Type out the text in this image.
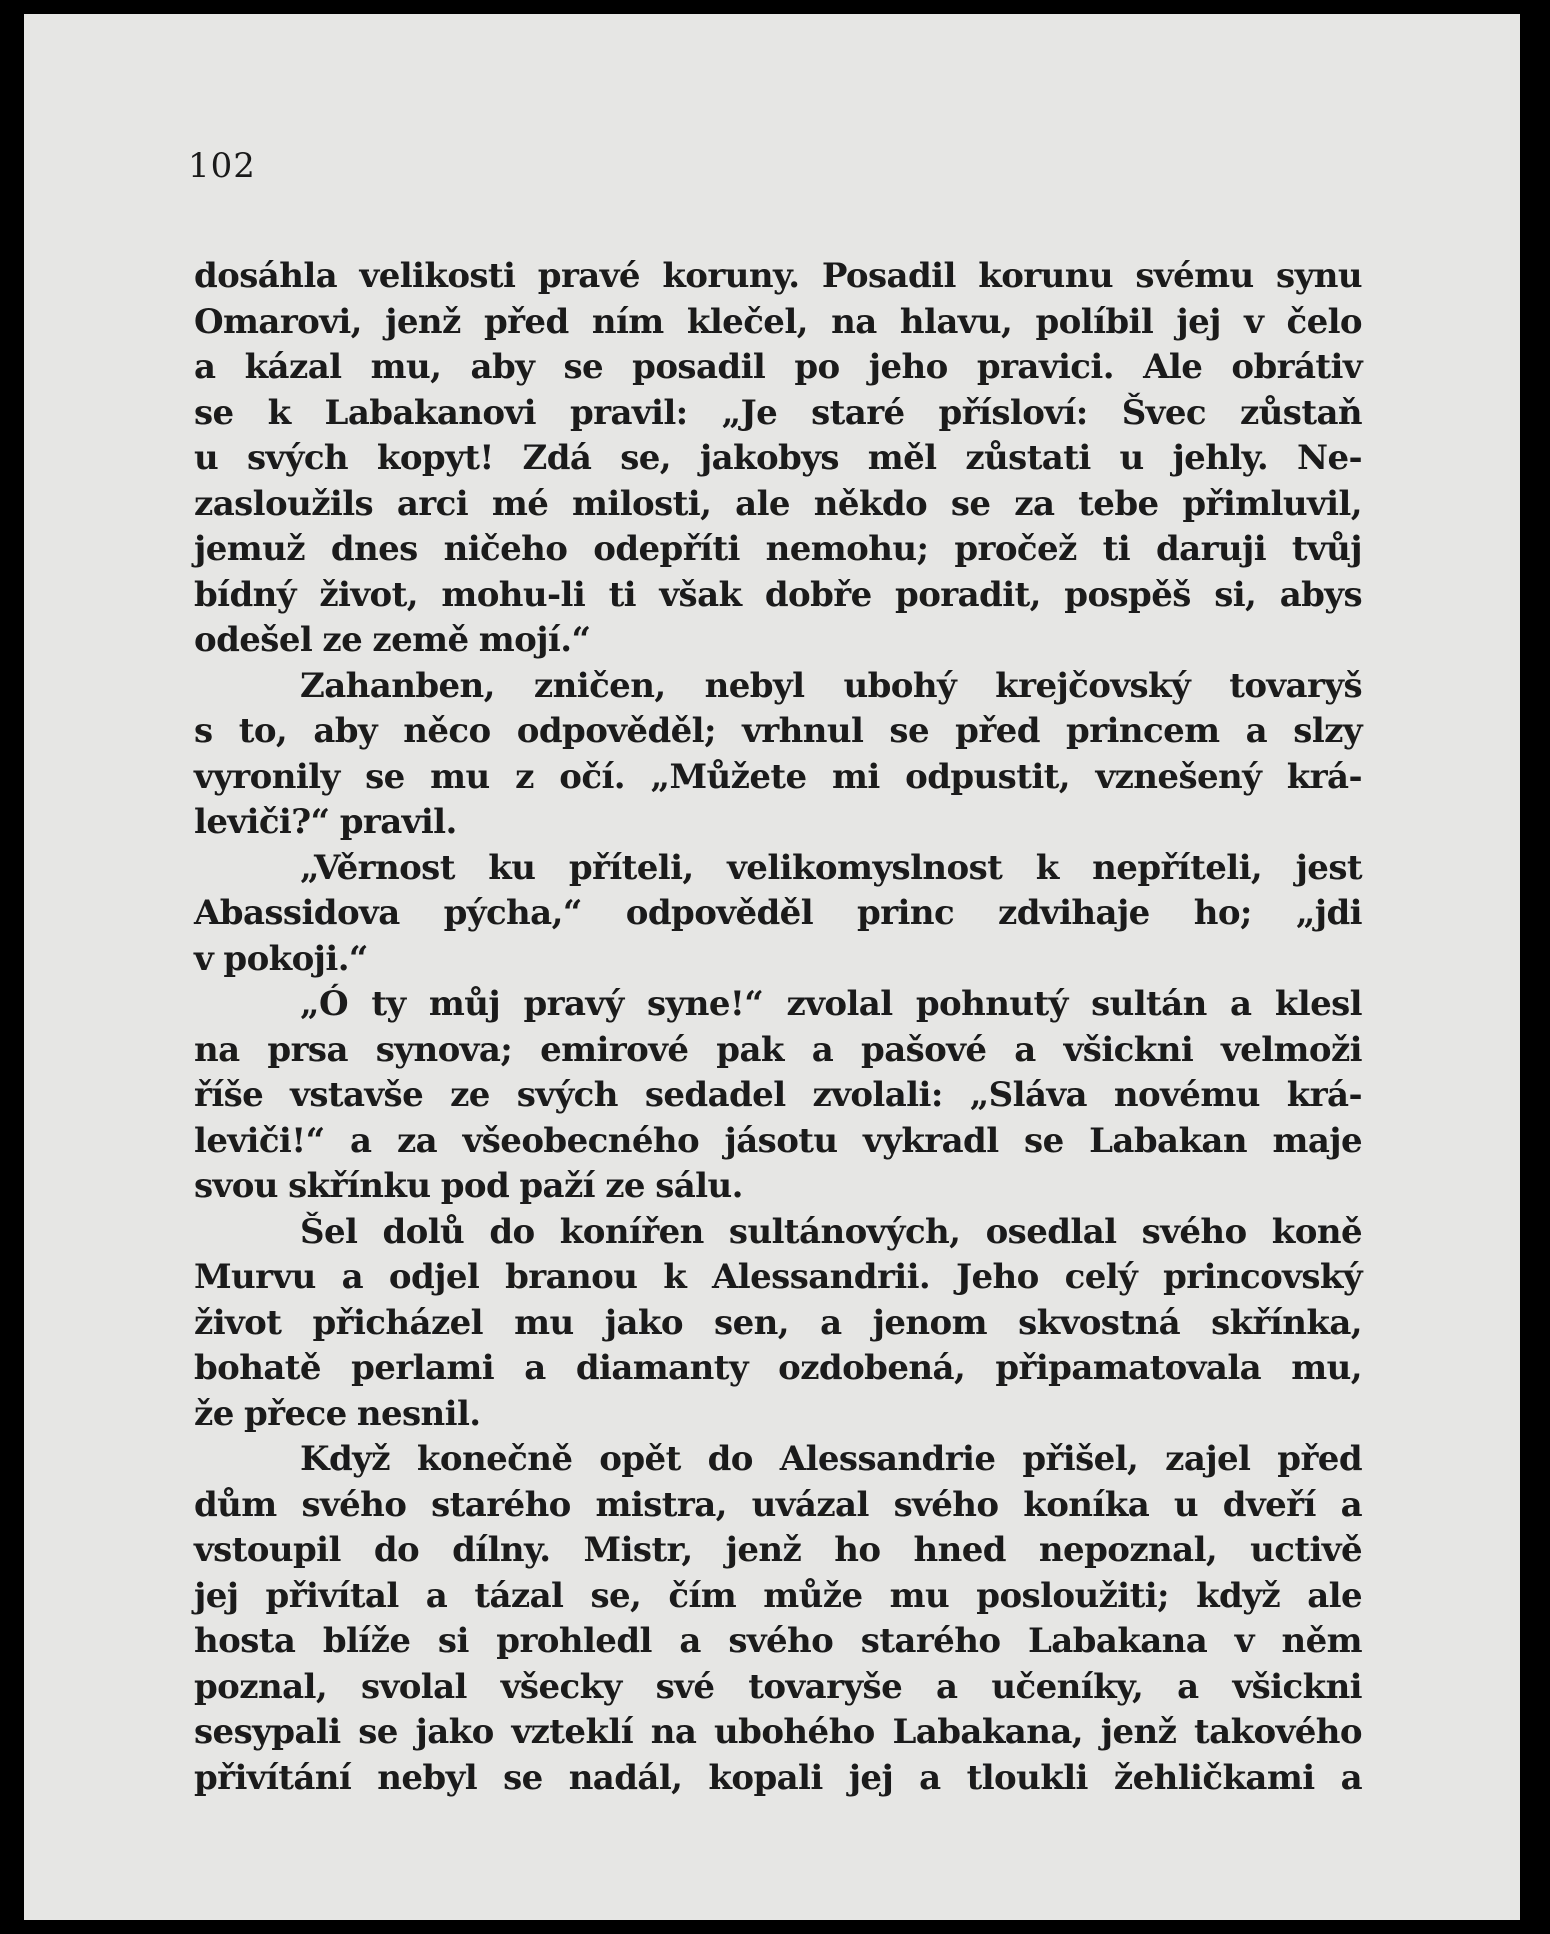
102
dosáhla velikosti pravé koruny. Posadil korunu svému synu
Omarovi, jenž před ním klečel, na hlavu, políbil jej v čelo
a kázal mu, aby se posadil po jeho pravici. Ale obrátiv
se k Labakanovi pravil: „Je staré přísloví: Švec zůstaň
u svých kopyt! Zdá se, jakobys měl zůstati u jehly. Ne-
zasloužils arci mé milosti, ale někdo se za tebe přimluvil,
jemuž dnes ničeho odepříti nemohu; pročež ti daruji tvůj
bídný život, mohu-li ti však dobře poradit, pospěš si, abys
odešel ze země mojí.“
Zahanben, zničen, nebyl ubohý krejčovský tovaryš
s to, aby něco odpověděl; vrhnul se před princem a slzy
vyronily se mu z očí. „Můžete mi odpustit, vznešený krá-
leviči?“ pravil.
„Věrnost ku příteli, velikomyslnost k nepříteli, jest
Abassidova pýcha,“ odpověděl princ zdvihaje ho; „jdi
v pokoji.“
„Ó ty můj pravý syne!“ zvolal pohnutý sultán a klesl
na prsa synova; emirové pak a pašové a všickni velmoži
říše vstavše ze svých sedadel zvolali: „Sláva novému krá-
leviči!“ a za všeobecného jásotu vykradl se Labakan maje
svou skřínku pod paží ze sálu.
Šel dolů do konířen sultánových, osedlal svého koně
Murvu a odjel branou k Alessandrii. Jeho celý princovský
život přicházel mu jako sen, a jenom skvostná skřínka,
bohatě perlami a diamanty ozdobená, připamatovala mu,
že přece nesnil.
Když konečně opět do Alessandrie přišel, zajel před
dům svého starého mistra, uvázal svého koníka u dveří a
vstoupil do dílny. Mistr, jenž ho hned nepoznal, uctivě
jej přivítal a tázal se, čím může mu posloužiti; když ale
hosta blíže si prohledl a svého starého Labakana v něm
poznal, svolal všecky své tovaryše a učeníky, a všickni
sesypali se jako vzteklí na ubohého Labakana, jenž takového
přivítání nebyl se nadál, kopali jej a tloukli žehličkami a
